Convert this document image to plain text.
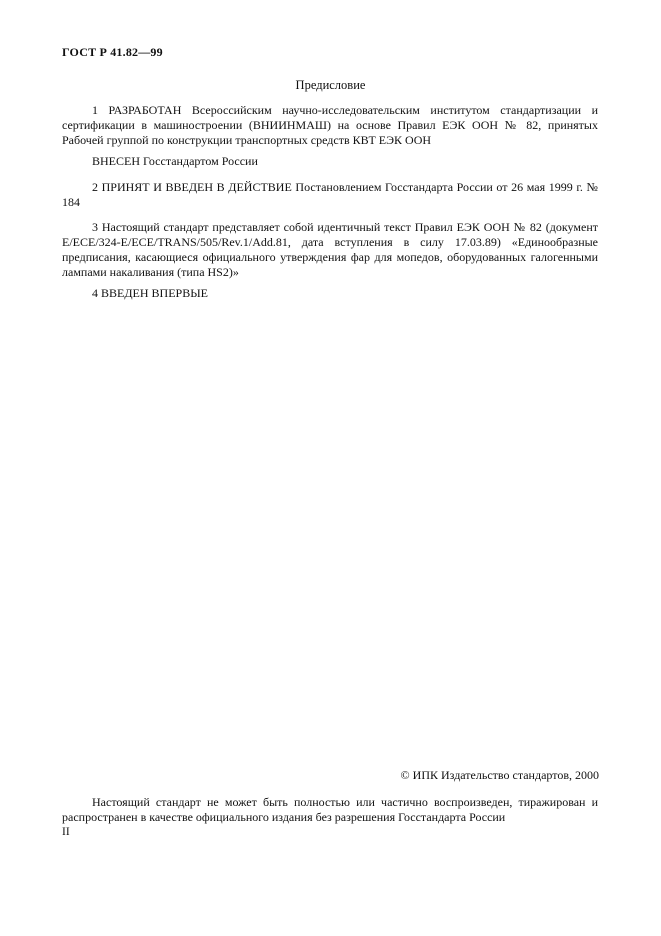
ГОСТ Р 41.82—99
Предисловие

1 РАЗРАБОТАН Всероссийским научно-исследовательским институтом стандартизации и сертификации в машиностроении (ВНИИНМАШ) на основе Правил ЕЭК ООН № 82, принятых Рабочей группой по конструкции транспортных средств КВТ ЕЭК ООН

ВНЕСЕН Госстандартом России

2 ПРИНЯТ И ВВЕДЕН В ДЕЙСТВИЕ Постановлением Госстандарта России от 26 мая 1999 г. № 184

3 Настоящий стандарт представляет собой идентичный текст Правил ЕЭК ООН № 82 (документ E/ECE/324-E/ECE/TRANS/505/Rev.1/Add.81, дата вступления в силу 17.03.89) «Единообразные предписания, касающиеся официального утверждения фар для мопедов, оборудованных галогенными лампами накаливания (типа HS2)»

4 ВВЕДЕН ВПЕРВЫЕ

© ИПК Издательство стандартов, 2000

Настоящий стандарт не может быть полностью или частично воспроизведен, тиражирован и распространен в качестве официального издания без разрешения Госстандарта России

II
